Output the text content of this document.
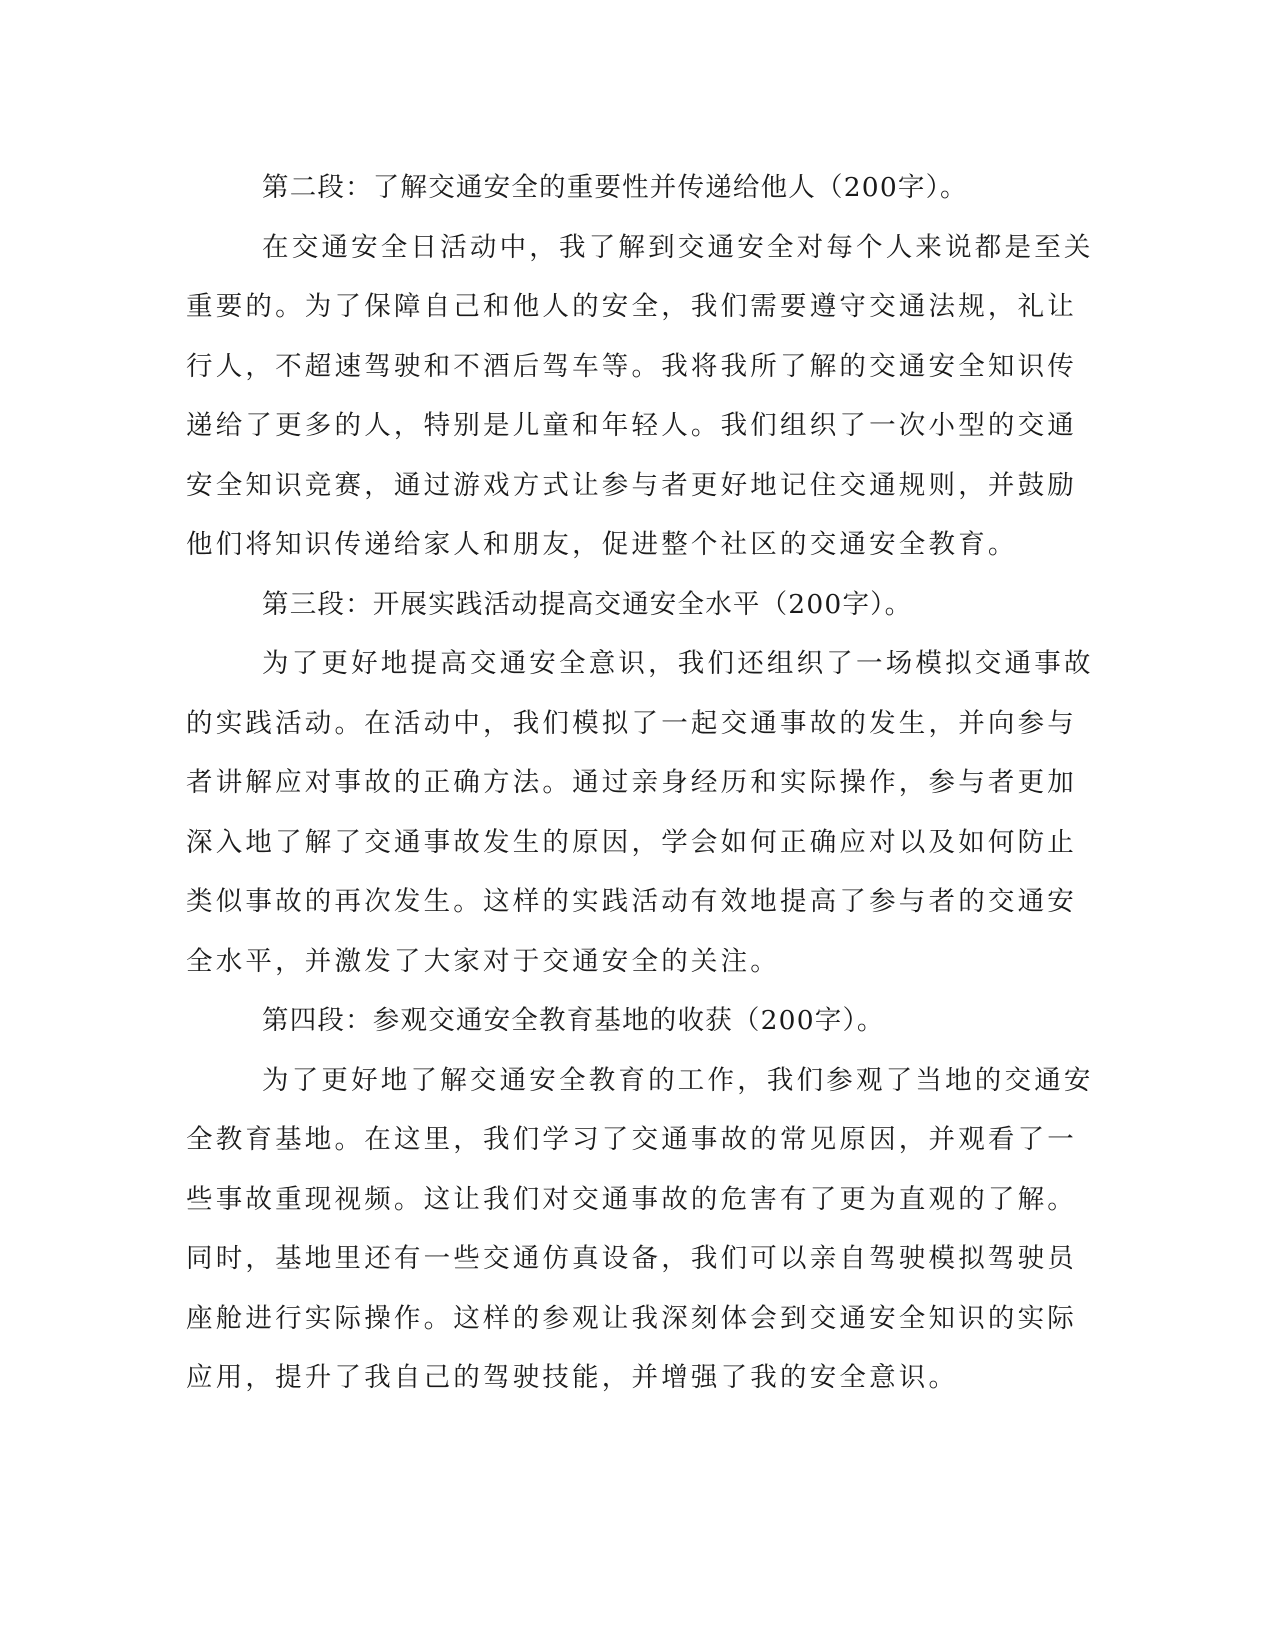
第二段：了解交通安全的重要性并传递给他人（200字）。
在交通安全日活动中，我了解到交通安全对每个人来说都是至关
重要的。为了保障自己和他人的安全，我们需要遵守交通法规，礼让
行人，不超速驾驶和不酒后驾车等。我将我所了解的交通安全知识传
递给了更多的人，特别是儿童和年轻人。我们组织了一次小型的交通
安全知识竞赛，通过游戏方式让参与者更好地记住交通规则，并鼓励
他们将知识传递给家人和朋友，促进整个社区的交通安全教育。
第三段：开展实践活动提高交通安全水平（200字）。
为了更好地提高交通安全意识，我们还组织了一场模拟交通事故
的实践活动。在活动中，我们模拟了一起交通事故的发生，并向参与
者讲解应对事故的正确方法。通过亲身经历和实际操作，参与者更加
深入地了解了交通事故发生的原因，学会如何正确应对以及如何防止
类似事故的再次发生。这样的实践活动有效地提高了参与者的交通安
全水平，并激发了大家对于交通安全的关注。
第四段：参观交通安全教育基地的收获（200字）。
为了更好地了解交通安全教育的工作，我们参观了当地的交通安
全教育基地。在这里，我们学习了交通事故的常见原因，并观看了一
些事故重现视频。这让我们对交通事故的危害有了更为直观的了解。
同时，基地里还有一些交通仿真设备，我们可以亲自驾驶模拟驾驶员
座舱进行实际操作。这样的参观让我深刻体会到交通安全知识的实际
应用，提升了我自己的驾驶技能，并增强了我的安全意识。
